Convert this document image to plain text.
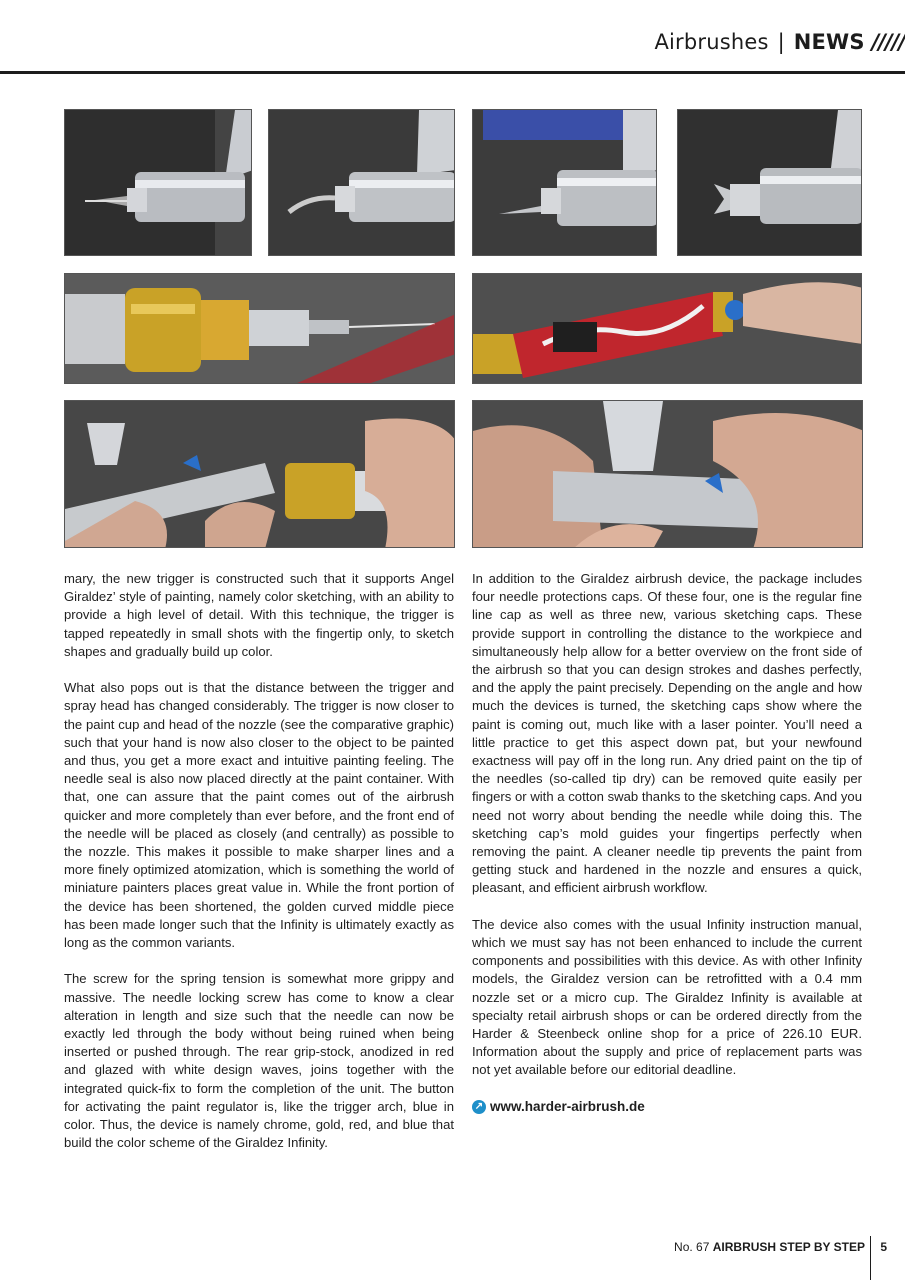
Airbrushes | NEWS /////

mary, the new trigger is constructed such that it supports Angel Giraldez’ style of painting, namely color sketching, with an ability to provide a high level of detail. With this technique, the trigger is tapped repeatedly in small shots with the fingertip only, to sketch shapes and gradually build up color.

What also pops out is that the distance between the trigger and spray head has changed considerably. The trigger is now closer to the paint cup and head of the nozzle (see the comparative graphic) such that your hand is now also closer to the object to be painted and thus, you get a more exact and intuitive painting feeling. The needle seal is also now placed directly at the paint container. With that, one can assure that the paint comes out of the airbrush quicker and more completely than ever before, and the front end of the needle will be placed as closely (and centrally) as possible to the nozzle. This makes it possible to make sharper lines and a more finely optimized atomization, which is something the world of miniature painters places great value in. While the front portion of the device has been shortened, the golden curved middle piece has been made longer such that the Infinity is ultimately exactly as long as the common variants.

The screw for the spring tension is somewhat more grippy and massive. The needle locking screw has come to know a clear alteration in length and size such that the needle can now be exactly led through the body without being ruined when being inserted or pushed through. The rear grip-stock, anodized in red and glazed with white design waves, joins together with the integrated quick-fix to form the completion of the unit. The button for activating the paint regulator is, like the trigger arch, blue in color. Thus, the device is namely chrome, gold, red, and blue that build the color scheme of the Giraldez Infinity.

In addition to the Giraldez airbrush device, the package includes four needle protections caps. Of these four, one is the regular fine line cap as well as three new, various sketching caps. These provide support in controlling the distance to the workpiece and simultaneously help allow for a better overview on the front side of the airbrush so that you can design strokes and dashes perfectly, and the apply the paint precisely. Depending on the angle and how much the devices is turned, the sketching caps show where the paint is coming out, much like with a laser pointer. You’ll need a little practice to get this aspect down pat, but your newfound exactness will pay off in the long run. Any dried paint on the tip of the needles (so-called tip dry) can be removed quite easily per fingers or with a cotton swab thanks to the sketching caps. And you need not worry about bending the needle while doing this. The sketching cap’s mold guides your fingertips perfectly when removing the paint. A cleaner needle tip prevents the paint from getting stuck and hardened in the nozzle and ensures a quick, pleasant, and efficient airbrush workflow.

The device also comes with the usual Infinity instruction manual, which we must say has not been enhanced to include the current components and possibilities with this device. As with other Infinity models, the Giraldez version can be retrofitted with a 0.4 mm nozzle set or a micro cup. The Giraldez Infinity is available at specialty retail airbrush shops or can be ordered directly from the Harder & Steenbeck online shop for a price of 226.10 EUR. Information about the supply and price of replacement parts was not yet available before our editorial deadline.

↗ www.harder-airbrush.de
No. 67 AIRBRUSH STEP BY STEP 5
